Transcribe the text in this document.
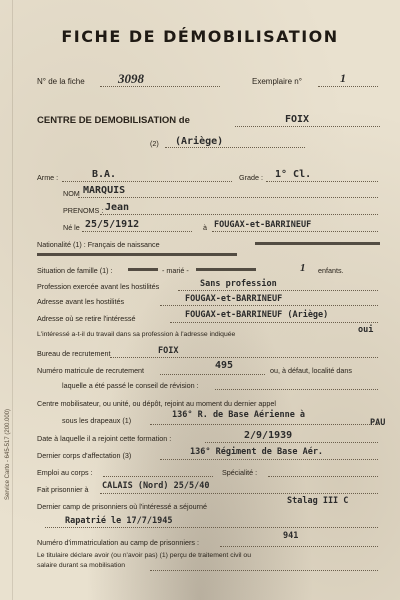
FICHE DE DÉMOBILISATION
N° de la fiche	3098	Exemplaire n°	1
CENTRE DE DEMOBILISATION de	FOIX
(2) (Ariège)
Arme :	B.A.	Grade : 1° Cl.
NOM MARQUIS
PRENOMS : Jean
Né le 25/5/1912	à FOUGAX-et-BARRINEUF
Nationalité (1) : Français de naissance
Situation de famille (1) :	- marié -	1 enfants.
Profession exercée avant les hostilités	Sans profession
Adresse avant les hostilités	FOUGAX-et-BARRINEUF
Adresse où se retire l'intéressé	FOUGAX-et-BARRINEUF (Ariège)
L'intéressé a-t-il du travail dans sa profession à l'adresse indiquée	oui
Bureau de recrutement	FOIX
Numéro matricule de recrutement	495	ou, à défaut, localité dans
laquelle a été passé le conseil de révision :
Centre mobilisateur, ou unité, ou dépôt, rejoint au moment du dernier appel
sous les drapeaux (1)
136° R. de Base Aérienne à
PAU
Date à laquelle il a rejoint cette formation :	2/9/1939
Dernier corps d'affectation (3)	136° Régiment de Base Aér.
Emploi au corps :	Spécialité :
Fait prisonnier à CALAIS (Nord) 25/5/40
Dernier camp de prisonniers où l'intéressé a séjourné
Stalag III C
Rapatrié le 17/7/1945
Numéro d'immatriculation au camp de prisonniers :
941
Le titulaire déclare avoir (ou n'avoir pas) (1) perçu de traitement civil ou
salaire durant sa mobilisation
Service Carto - 645-517 (200.000)
